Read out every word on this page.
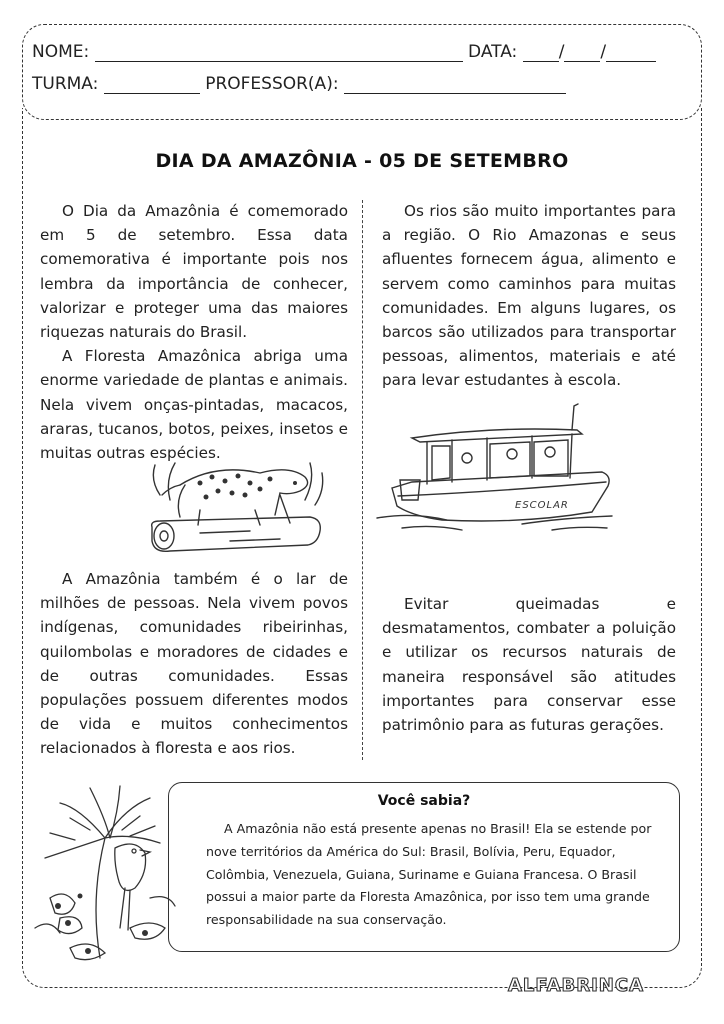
NOME:	DATA: / /
TURMA:	PROFESSOR(A):
DIA DA AMAZÔNIA - 05 DE SETEMBRO

O Dia da Amazônia é comemorado em 5 de setembro. Essa data comemorativa é importante pois nos lembra da importância de conhecer, valorizar e proteger uma das maiores riquezas naturais do Brasil.

A Floresta Amazônica abriga uma enorme variedade de plantas e animais. Nela vivem onças-pintadas, macacos, araras, tucanos, botos, peixes, insetos e muitas outras espécies.

A Amazônia também é o lar de milhões de pessoas. Nela vivem povos indígenas, comunidades ribeirinhas, quilombolas e moradores de cidades e de outras comunidades. Essas populações possuem diferentes modos de vida e muitos conhecimentos relacionados à floresta e aos rios.

Os rios são muito importantes para a região. O Rio Amazonas e seus afluentes fornecem água, alimento e servem como caminhos para muitas comunidades. Em alguns lugares, os barcos são utilizados para transportar pessoas, alimentos, materiais e até para levar estudantes à escola.

ESCOLAR

Evitar queimadas e desmatamentos, combater a poluição e utilizar os recursos naturais de maneira responsável são atitudes importantes para conservar esse patrimônio para as futuras gerações.

Você sabia?

A Amazônia não está presente apenas no Brasil! Ela se estende por nove territórios da América do Sul: Brasil, Bolívia, Peru, Equador, Colômbia, Venezuela, Guiana, Suriname e Guiana Francesa. O Brasil possui a maior parte da Floresta Amazônica, por isso tem uma grande responsabilidade na sua conservação.

ALFABRINCA
